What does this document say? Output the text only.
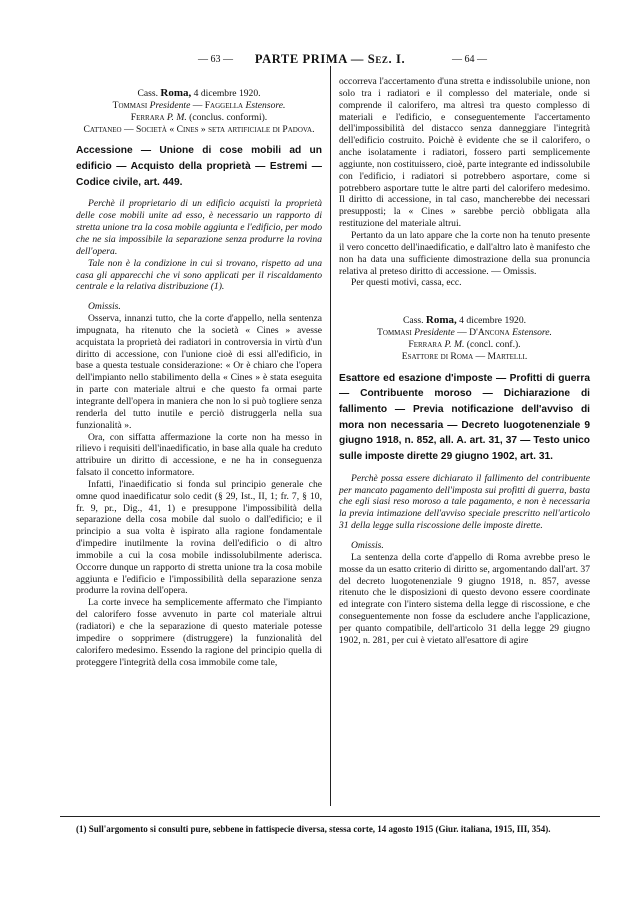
— 63 —	PARTE PRIMA — Sez. I.	— 64 —
Cass. Roma, 4 dicembre 1920.
Tommasi Presidente — Faggella Estensore.
Ferrara P. M. (conclus. conformi).
Cattaneo — Società « Cines » seta artificiale di Padova.

Accessione — Unione di cose mobili ad un edificio — Acquisto della proprietà — Estremi — Codice civile, art. 449.

Perchè il proprietario di un edificio acquisti la proprietà delle cose mobili unite ad esso, è necessario un rapporto di stretta unione tra la cosa mobile aggiunta e l'edificio, per modo che ne sia impossibile la separazione senza produrre la rovina dell'opera.

Tale non è la condizione in cui si trovano, rispetto ad una casa gli apparecchi che vi sono applicati per il riscaldamento centrale e la relativa distribuzione (1).

Omissis.

Osserva, innanzi tutto, che la corte d'appello, nella sentenza impugnata, ha ritenuto che la società « Cines » avesse acquistata la proprietà dei radiatori in controversia in virtù d'un diritto di accessione, con l'unione cioè di essi all'edificio, in base a questa testuale considerazione: « Or è chiaro che l'opera dell'impianto nello stabilimento della « Cines » è stata eseguita in parte con materiale altrui e che questo fa ormai parte integrante dell'opera in maniera che non lo si può togliere senza renderla del tutto inutile e perciò distruggerla nella sua funzionalità ».

Ora, con siffatta affermazione la corte non ha messo in rilievo i requisiti dell'inaedificatio, in base alla quale ha creduto attribuire un diritto di accessione, e ne ha in conseguenza falsato il concetto informatore.

Infatti, l'inaedificatio si fonda sul principio generale che omne quod inaedificatur solo cedit (§ 29, Ist., II, 1; fr. 7, § 10, fr. 9, pr., Dig., 41, 1) e presuppone l'impossibilità della separazione della cosa mobile dal suolo o dall'edificio; e il principio a sua volta è ispirato alla ragione fondamentale d'impedire inutilmente la rovina dell'edificio o di altro immobile a cui la cosa mobile indissolubilmente aderisca. Occorre dunque un rapporto di stretta unione tra la cosa mobile aggiunta e l'edificio e l'impossibilità della separazione senza produrre la rovina dell'opera.

La corte invece ha semplicemente affermato che l'impianto del calorifero fosse avvenuto in parte col materiale altrui (radiatori) e che la separazione di questo materiale potesse impedire o sopprimere (distruggere) la funzionalità del calorifero medesimo. Essendo la ragione del principio quella di proteggere l'integrità della cosa immobile come tale,

occorreva l'accertamento d'una stretta e indissolubile unione, non solo tra i radiatori e il complesso del materiale, onde si comprende il calorifero, ma altresì tra questo complesso di materiali e l'edificio, e conseguentemente l'accertamento dell'impossibilità del distacco senza danneggiare l'integrità dell'edificio costruito. Poichè è evidente che se il calorifero, o anche isolatamente i radiatori, fossero parti semplicemente aggiunte, non costituissero, cioè, parte integrante ed indissolubile con l'edificio, i radiatori si potrebbero asportare, come si potrebbero asportare tutte le altre parti del calorifero medesimo. Il diritto di accessione, in tal caso, mancherebbe dei necessari presupposti; la « Cines » sarebbe perciò obbligata alla restituzione del materiale altrui.

Pertanto da un lato appare che la corte non ha tenuto presente il vero concetto dell'inaedificatio, e dall'altro lato è manifesto che non ha data una sufficiente dimostrazione della sua pronuncia relativa al preteso diritto di accessione. — Omissis.

Per questi motivi, cassa, ecc.

Cass. Roma, 4 dicembre 1920.
Tommasi Presidente — D'Ancona Estensore.
Ferrara P. M. (concl. conf.).
Esattore di Roma — Martelli.

Esattore ed esazione d'imposte — Profitti di guerra — Contribuente moroso — Dichiarazione di fallimento — Previa notificazione dell'avviso di mora non necessaria — Decreto luogotenenziale 9 giugno 1918, n. 852, all. A. art. 31, 37 — Testo unico sulle imposte dirette 29 giugno 1902, art. 31.

Perchè possa essere dichiarato il fallimento del contribuente per mancato pagamento dell'imposta sui profitti di guerra, basta che egli siasi reso moroso a tale pagamento, e non è necessaria la previa intimazione dell'avviso speciale prescritto nell'articolo 31 della legge sulla riscossione delle imposte dirette.

Omissis.

La sentenza della corte d'appello di Roma avrebbe preso le mosse da un esatto criterio di diritto se, argomentando dall'art. 37 del decreto luogotenenziale 9 giugno 1918, n. 857, avesse ritenuto che le disposizioni di questo devono essere coordinate ed integrate con l'intero sistema della legge di riscossione, e che conseguentemente non fosse da escludere anche l'applicazione, per quanto compatibile, dell'articolo 31 della legge 29 giugno 1902, n. 281, per cui è vietato all'esattore di agire

(1) Sull'argomento si consulti pure, sebbene in fattispecie diversa, stessa corte, 14 agosto 1915 (Giur. italiana, 1915, III, 354).
